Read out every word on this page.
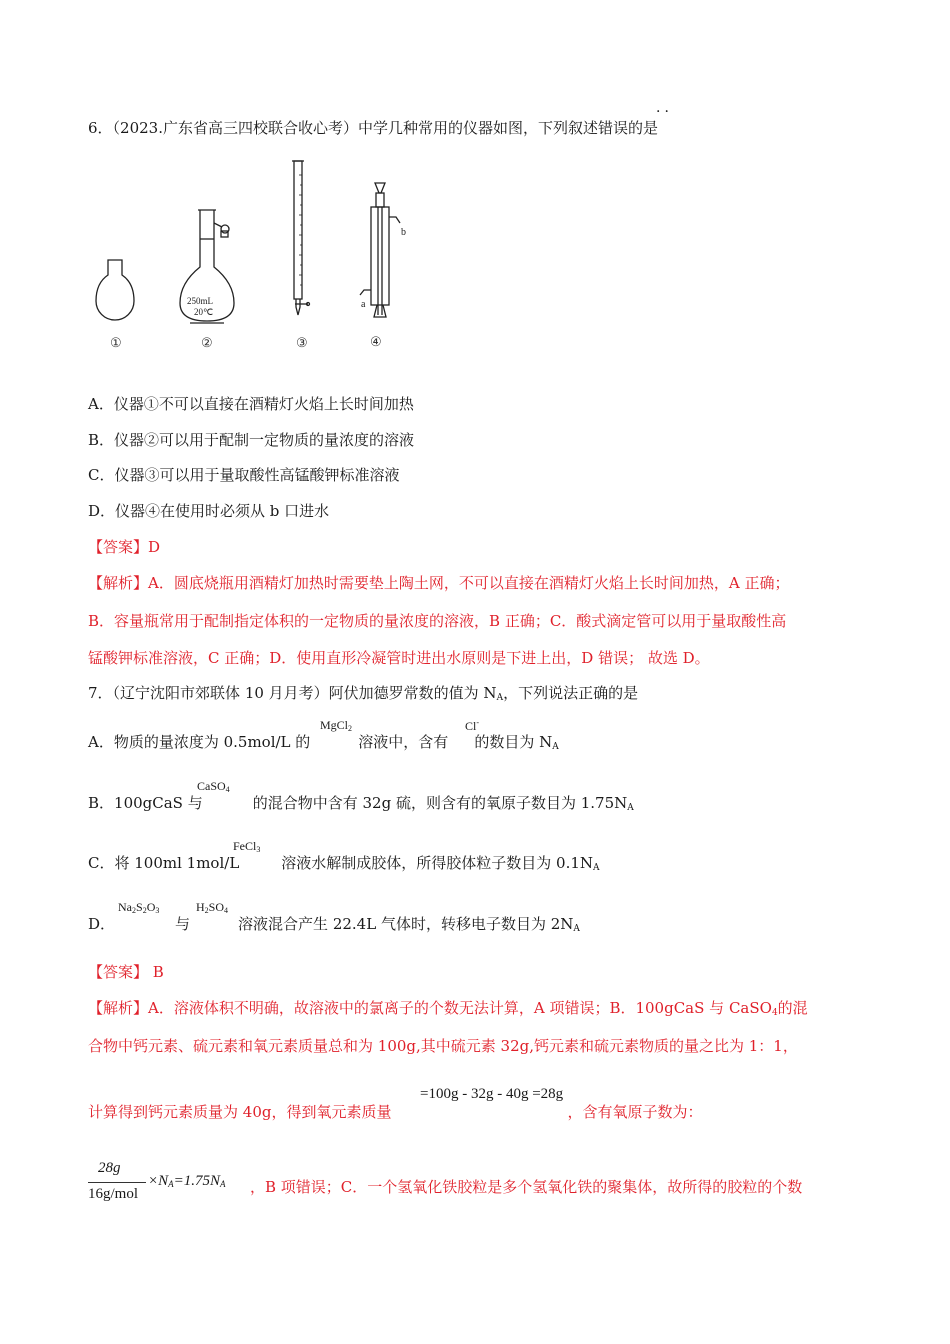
6．（2023.广东省高三四校联合收心考）中学几种常用的仪器如图，下列叙述错误的是
··
250mL
20℃
b
a
①	②	③	④
A．仪器①不可以直接在酒精灯火焰上长时间加热
B．仪器②可以用于配制一定物质的量浓度的溶液
C．仪器③可以用于量取酸性高锰酸钾标准溶液
D．仪器④在使用时必须从 b 口进水
【答案】D
【解析】A．圆底烧瓶用酒精灯加热时需要垫上陶土网，不可以直接在酒精灯火焰上长时间加热，A 正确；
B．容量瓶常用于配制指定体积的一定物质的量浓度的溶液，B 正确；C．酸式滴定管可以用于量取酸性高
锰酸钾标准溶液，C 正确；D．使用直形冷凝管时进出水原则是下进上出，D 错误； 故选 D。
7．（辽宁沈阳市郊联体 10 月月考）阿伏加德罗常数的值为 $N_A$，下列说法正确的是
A．物质的量浓度为 0.5mol/L 的	溶液中，含有 的数目为 $N_A$
MgCl$_2$	Cl-
B．100gCaS 与	的混合物中含有 32g 硫，则含有的氧原子数目为 $1.75N_A$
CaSO$_4$
C．将 100ml 1mol/L	溶液水解制成胶体，所得胶体粒子数目为 $0.1N_A$
FeCl$_3$
D．	与	溶液混合产生 22.4L 气体时，转移电子数目为 $2N_A$
$Na_2S_2O_3$	$H_2SO_4$
【答案】 B
【解析】A．溶液体积不明确，故溶液中的氯离子的个数无法计算，A 项错误；B．100gCaS 与 CaSO$_4$的混
合物中钙元素、硫元素和氧元素质量总和为 100g,其中硫元素 32g,钙元素和硫元素物质的量之比为 1：1，
=100g - 32g - 40g =28g
计算得到钙元素质量为 40g，得到氧元素质量	，含有氧原子数为：
28g
16g/mol
$\times N_A=1.75N_A$ ，B 项错误；C．一个氢氧化铁胶粒是多个氢氧化铁的聚集体，故所得的胶粒的个数
